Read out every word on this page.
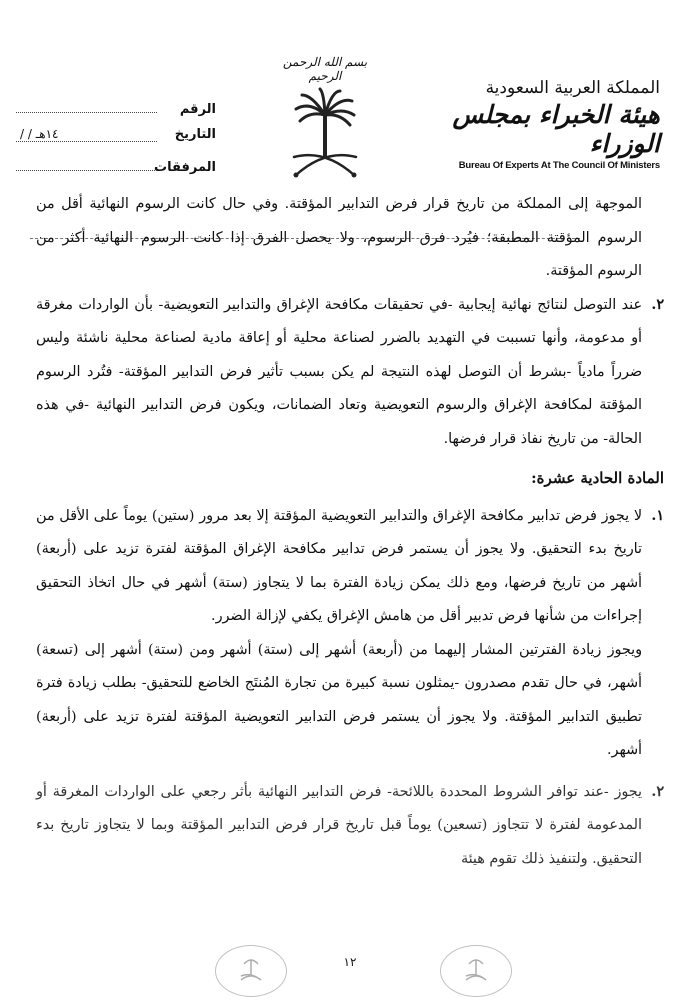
المملكة العربية السعودية
هيئة الخبراء بمجلس الوزراء
Bureau Of Experts At The Council Of Ministers
بسم الله الرحمن الرحيم
الرقم
التاريخ
/ / ١٤هـ
المرفقات

الموجهة إلى المملكة من تاريخ قرار فرض التدابير المؤقتة. وفي حال كانت الرسوم النهائية أقل من الرسوم المؤقتة المطبقة؛ فيُرد فرق الرسوم، ولا يحصل الفرق إذا كانت الرسوم النهائية أكثر من الرسوم المؤقتة.

٢.
عند التوصل لنتائج نهائية إيجابية -في تحقيقات مكافحة الإغراق والتدابير التعويضية- بأن الواردات مغرقة أو مدعومة، وأنها تسببت في التهديد بالضرر لصناعة محلية أو إعاقة مادية لصناعة محلية ناشئة وليس ضرراً مادياً -بشرط أن التوصل لهذه النتيجة لم يكن بسبب تأثير فرض التدابير المؤقتة- فتُرد الرسوم المؤقتة لمكافحة الإغراق والرسوم التعويضية وتعاد الضمانات، ويكون فرض التدابير النهائية -في هذه الحالة- من تاريخ نفاذ قرار فرضها.

المادة الحادية عشرة:

١.
لا يجوز فرض تدابير مكافحة الإغراق والتدابير التعويضية المؤقتة إلا بعد مرور (ستين) يوماً على الأقل من تاريخ بدء التحقيق. ولا يجوز أن يستمر فرض تدابير مكافحة الإغراق المؤقتة لفترة تزيد على (أربعة) أشهر من تاريخ فرضها، ومع ذلك يمكن زيادة الفترة بما لا يتجاوز (ستة) أشهر في حال اتخاذ التحقيق إجراءات من شأنها فرض تدبير أقل من هامش الإغراق يكفي لإزالة الضرر.

ويجوز زيادة الفترتين المشار إليهما من (أربعة) أشهر إلى (ستة) أشهر ومن (ستة) أشهر إلى (تسعة) أشهر، في حال تقدم مصدرون -يمثلون نسبة كبيرة من تجارة المُنتَج الخاضع للتحقيق- بطلب زيادة فترة تطبيق التدابير المؤقتة. ولا يجوز أن يستمر فرض التدابير التعويضية المؤقتة لفترة تزيد على (أربعة) أشهر.

٢.
يجوز -عند توافر الشروط المحددة باللائحة- فرض التدابير النهائية بأثر رجعي على الواردات المغرقة أو المدعومة لفترة لا تتجاوز (تسعين) يوماً قبل تاريخ قرار فرض التدابير المؤقتة وبما لا يتجاوز تاريخ بدء التحقيق. ولتنفيذ ذلك تقوم هيئة

١٢
